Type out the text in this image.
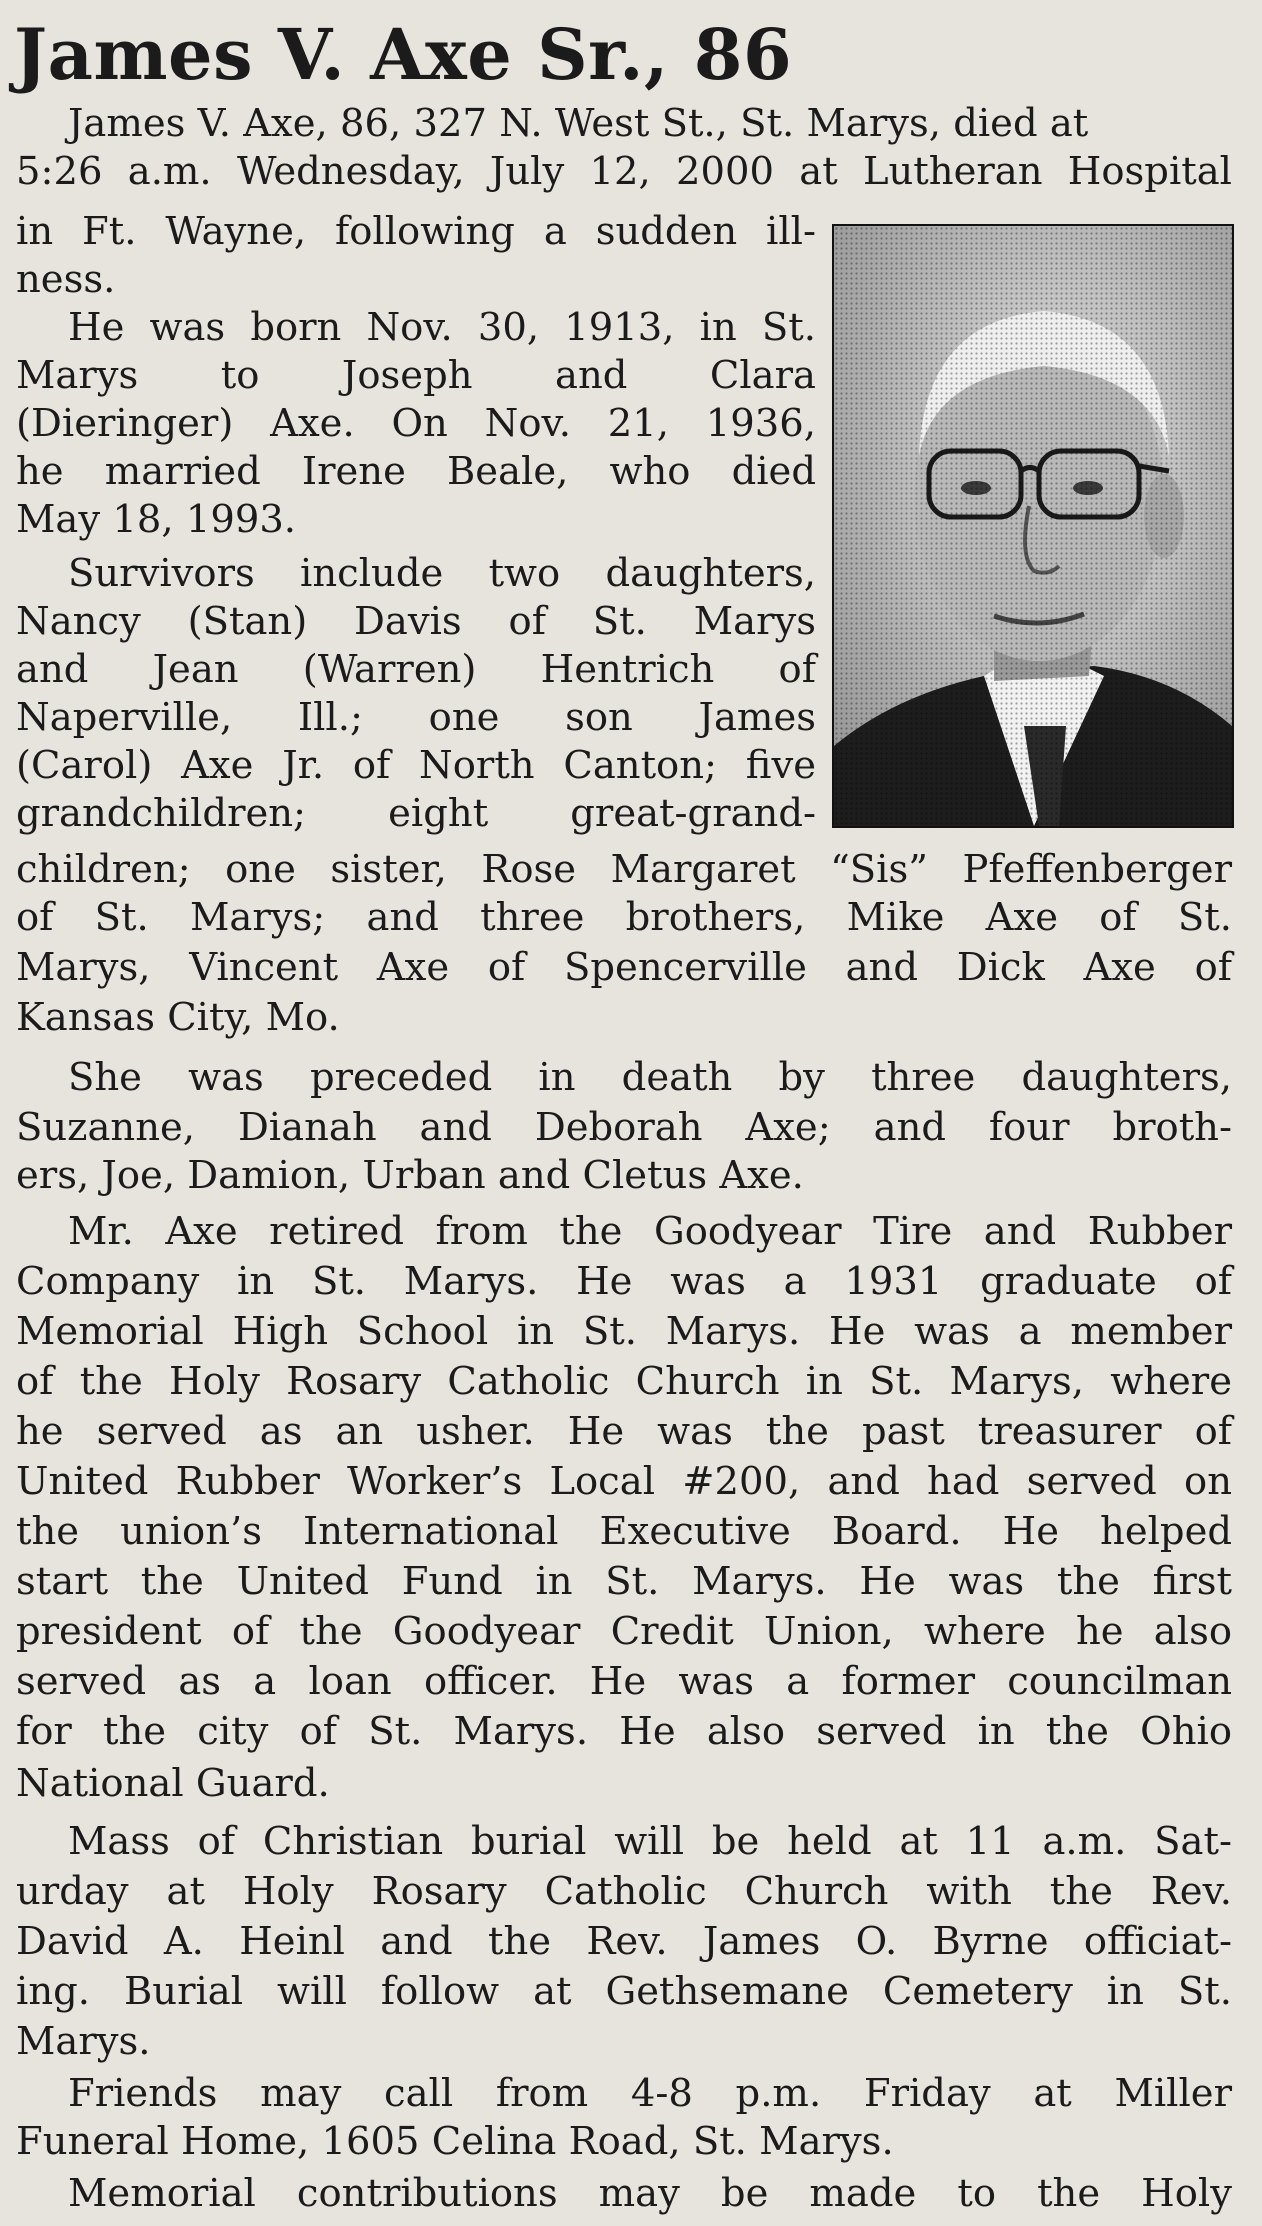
James V. Axe Sr., 86

James V. Axe, 86, 327 N. West St., St. Marys, died at

5:26 a.m. Wednesday, July 12, 2000 at Lutheran Hospital

in Ft. Wayne, following a sudden ill-

ness.

He was born Nov. 30, 1913, in St.

Marys to Joseph and Clara

(Dieringer) Axe. On Nov. 21, 1936,

he married Irene Beale, who died

May 18, 1993.

Survivors include two daughters,

Nancy (Stan) Davis of St. Marys

and Jean (Warren) Hentrich of

Naperville, Ill.; one son James

(Carol) Axe Jr. of North Canton; five

grandchildren; eight great-grand-

children; one sister, Rose Margaret “Sis” Pfeffenberger

of St. Marys; and three brothers, Mike Axe of St.

Marys, Vincent Axe of Spencerville and Dick Axe of

Kansas City, Mo.

She was preceded in death by three daughters,

Suzanne, Dianah and Deborah Axe; and four broth-

ers, Joe, Damion, Urban and Cletus Axe.

Mr. Axe retired from the Goodyear Tire and Rubber

Company in St. Marys. He was a 1931 graduate of

Memorial High School in St. Marys. He was a member

of the Holy Rosary Catholic Church in St. Marys, where

he served as an usher. He was the past treasurer of

United Rubber Worker’s Local #200, and had served on

the union’s International Executive Board. He helped

start the United Fund in St. Marys. He was the first

president of the Goodyear Credit Union, where he also

served as a loan officer. He was a former councilman

for the city of St. Marys. He also served in the Ohio

National Guard.

Mass of Christian burial will be held at 11 a.m. Sat-

urday at Holy Rosary Catholic Church with the Rev.

David A. Heinl and the Rev. James O. Byrne officiat-

ing. Burial will follow at Gethsemane Cemetery in St.

Marys.

Friends may call from 4-8 p.m. Friday at Miller

Funeral Home, 1605 Celina Road, St. Marys.

Memorial contributions may be made to the Holy
